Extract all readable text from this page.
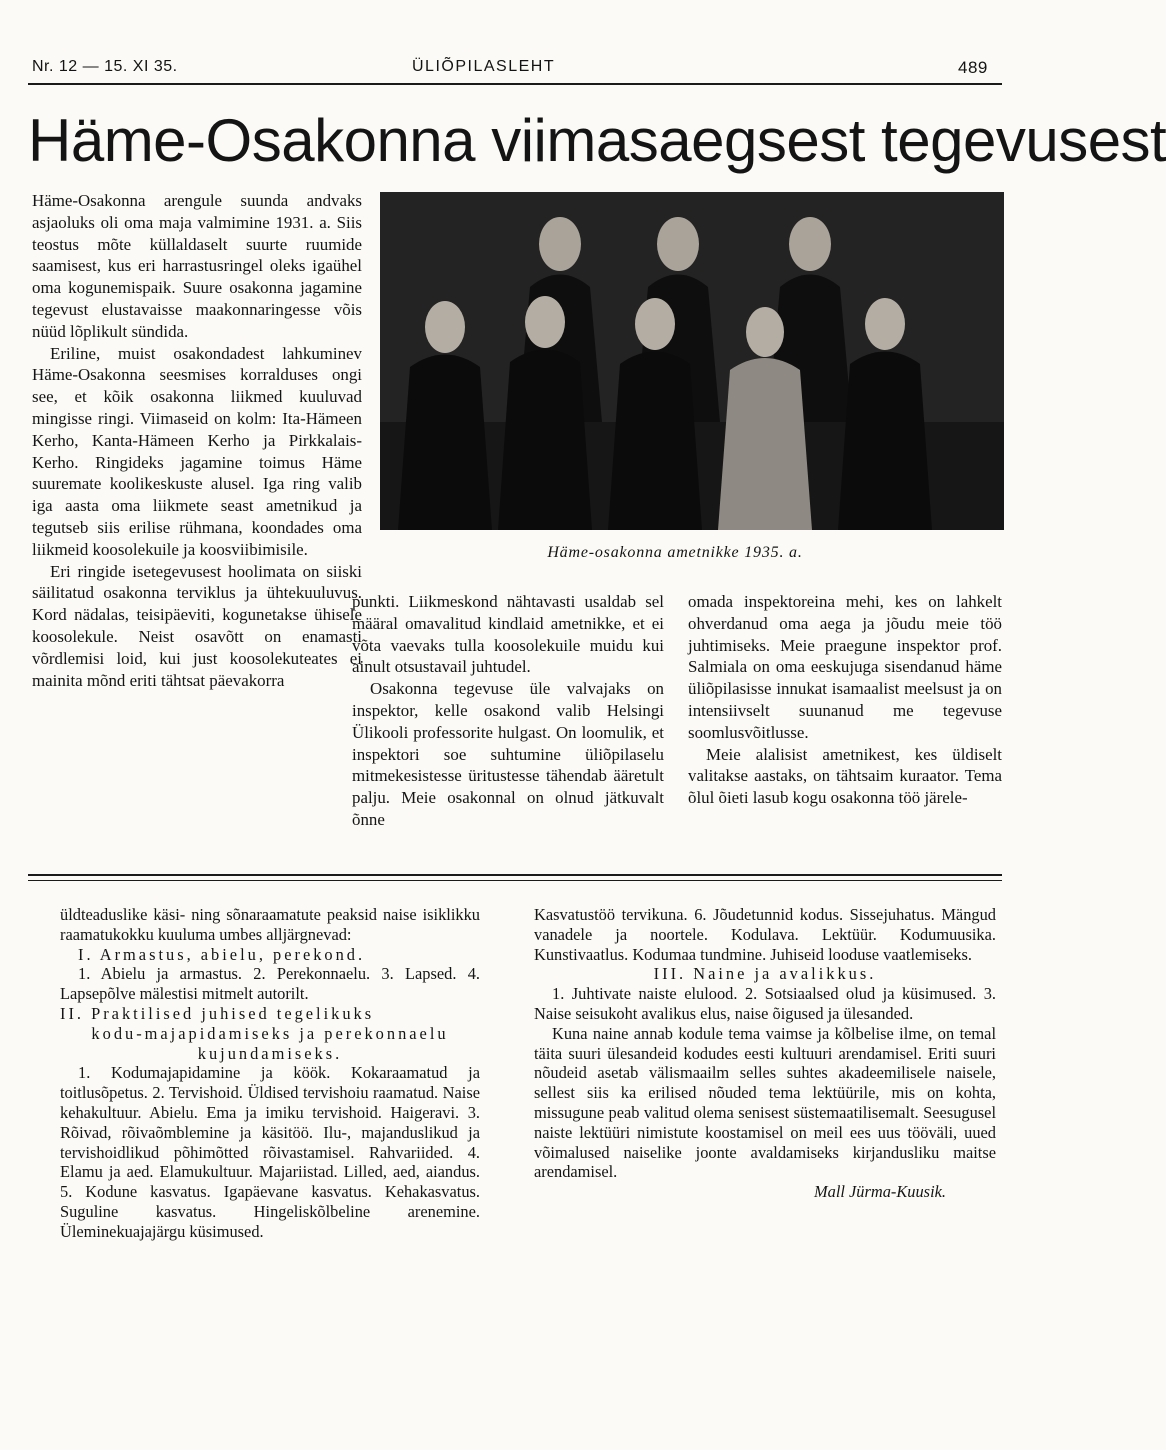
Nr. 12 — 15. XI 35.	ÜLIÕPILASLEHT	489
Häme-Osakonna viimasaegsest tegevusest

Häme-Osakonna arengule suunda andvaks asjaoluks oli oma maja valmimine 1931. a. Siis teostus mõte küllaldaselt suurte ruumide saamisest, kus eri harrastusringel oleks igaühel oma kogunemispaik. Suure osakonna jagamine tegevust elustavaisse maakonnaringesse võis nüüd lõplikult sündida.

Eriline, muist osakondadest lahkuminev Häme-Osakonna seesmises korralduses ongi see, et kõik osakonna liikmed kuuluvad mingisse ringi. Viimaseid on kolm: Ita-Hämeen Kerho, Kanta-Hämeen Kerho ja Pirkkalais-Kerho. Ringideks jagamine toimus Häme suuremate koolikeskuste alusel. Iga ring valib iga aasta oma liikmete seast ametnikud ja tegutseb siis erilise rühmana, koondades oma liikmeid koosolekuile ja koosviibimisile.

Eri ringide isetegevusest hoolimata on siiski säilitatud osakonna terviklus ja ühtekuuluvus. Kord nädalas, teisipäeviti, kogunetakse ühisele koosolekule. Neist osavõtt on enamasti võrdlemisi loid, kui just koosolekuteates ei mainita mõnd eriti tähtsat päevakorra

Häme-osakonna ametnikke 1935. a.

punkti. Liikmeskond nähtavasti usaldab sel määral omavalitud kindlaid ametnikke, et ei võta vaevaks tulla koosolekuile muidu kui ainult otsustavail juhtudel.

Osakonna tegevuse üle valvajaks on inspektor, kelle osakond valib Helsingi Ülikooli professorite hulgast. On loomulik, et inspektori soe suhtumine üliõpilaselu mitmekesistesse üritustesse tähendab ääretult palju. Meie osakonnal on olnud jätkuvalt õnne

omada inspektoreina mehi, kes on lahkelt ohverdanud oma aega ja jõudu meie töö juhtimiseks. Meie praegune inspektor prof. Salmiala on oma eeskujuga sisendanud häme üliõpilasisse innukat isamaalist meelsust ja on intensiivselt suunanud me tegevuse soomlusvõitlusse.

Meie alalisist ametnikest, kes üldiselt valitakse aastaks, on tähtsaim kuraator. Tema õlul õieti lasub kogu osakonna töö järele-

üldteaduslike käsi- ning sõnaraamatute peaksid naise isiklikku raamatukokku kuuluma umbes alljärgnevad:

I. Armastus, abielu, perekond.

1. Abielu ja armastus. 2. Perekonnaelu. 3. Lapsed. 4. Lapsepõlve mälestisi mitmelt autorilt.

II. Praktilised juhised tegelikuks

kodu-majapidamiseks ja perekonnaelu kujundamiseks.

1. Kodumajapidamine ja köök. Kokaraamatud ja toitlusõpetus. 2. Tervishoid. Üldised tervishoiu raamatud. Naise kehakultuur. Abielu. Ema ja imiku tervishoid. Haigeravi. 3. Rõivad, rõivaõmblemine ja käsitöö. Ilu-, majanduslikud ja tervishoidlikud põhimõtted rõivastamisel. Rahvariided. 4. Elamu ja aed. Elamukultuur. Majariistad. Lilled, aed, aiandus. 5. Kodune kasvatus. Igapäevane kasvatus. Kehakasvatus. Suguline kasvatus. Hingeliskõlbeline arenemine. Üleminekuajajärgu küsimused.

Kasvatustöö tervikuna. 6. Jõudetunnid kodus. Sissejuhatus. Mängud vanadele ja noortele. Kodulava. Lektüür. Kodumuusika. Kunstivaatlus. Kodumaa tundmine. Juhiseid looduse vaatlemiseks.

III. Naine ja avalikkus.

1. Juhtivate naiste elulood. 2. Sotsiaalsed olud ja küsimused. 3. Naise seisukoht avalikus elus, naise õigused ja ülesanded.

Kuna naine annab kodule tema vaimse ja kõlbelise ilme, on temal täita suuri ülesandeid kodudes eesti kultuuri arendamisel. Eriti suuri nõudeid asetab välismaailm selles suhtes akadeemilisele naisele, sellest siis ka erilised nõuded tema lektüürile, mis on kohta, missugune peab valitud olema senisest süstemaatilisemalt. Seesugusel naiste lektüüri nimistute koostamisel on meil ees uus tööväli, uued võimalused naiselike joonte avaldamiseks kirjandusliku maitse arendamisel.

Mall Jürma-Kuusik.
